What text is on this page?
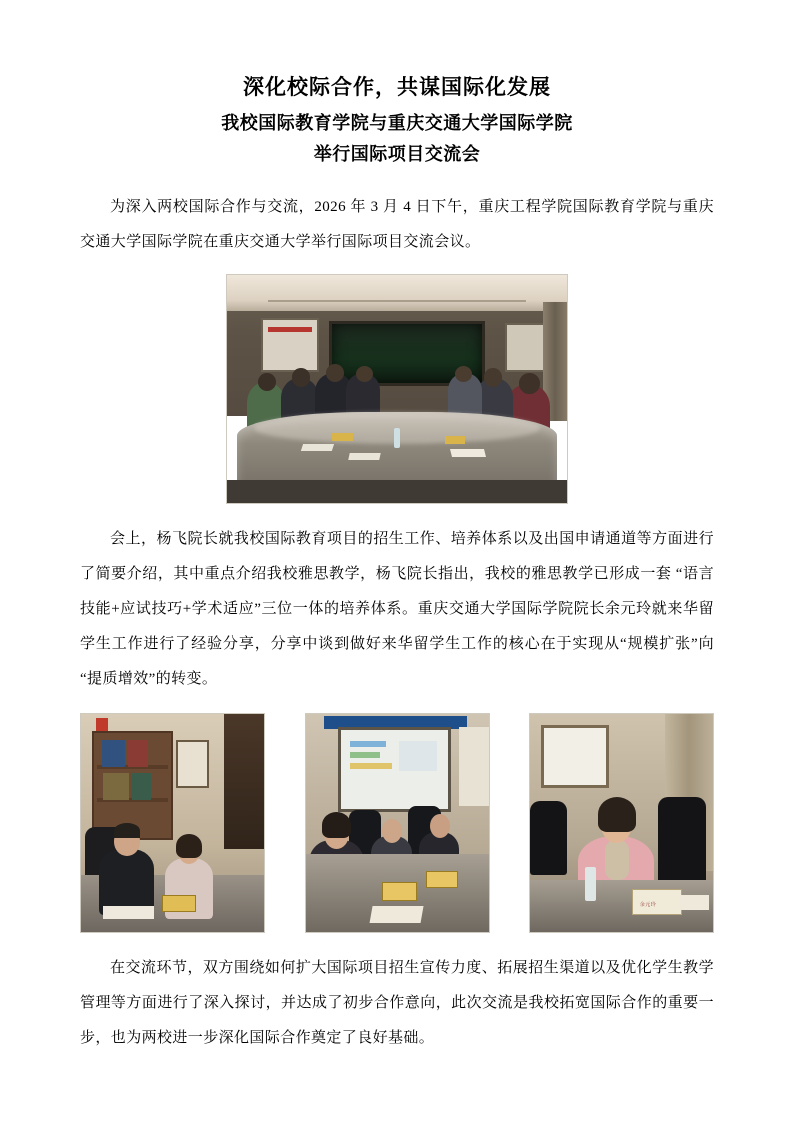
深化校际合作，共谋国际化发展
我校国际教育学院与重庆交通大学国际学院
举行国际项目交流会

为深入两校国际合作与交流，2026 年 3 月 4 日下午，重庆工程学院国际教育学院与重庆交通大学国际学院在重庆交通大学举行国际项目交流会议。

会上，杨飞院长就我校国际教育项目的招生工作、培养体系以及出国申请通道等方面进行了简要介绍，其中重点介绍我校雅思教学，杨飞院长指出，我校的雅思教学已形成一套 “语言技能+应试技巧+学术适应”三位一体的培养体系。重庆交通大学国际学院院长余元玲就来华留学生工作进行了经验分享，分享中谈到做好来华留学生工作的核心在于实现从“规模扩张”向“提质增效”的转变。

余元玲

在交流环节，双方围绕如何扩大国际项目招生宣传力度、拓展招生渠道以及优化学生教学管理等方面进行了深入探讨，并达成了初步合作意向，此次交流是我校拓宽国际合作的重要一步，也为两校进一步深化国际合作奠定了良好基础。
